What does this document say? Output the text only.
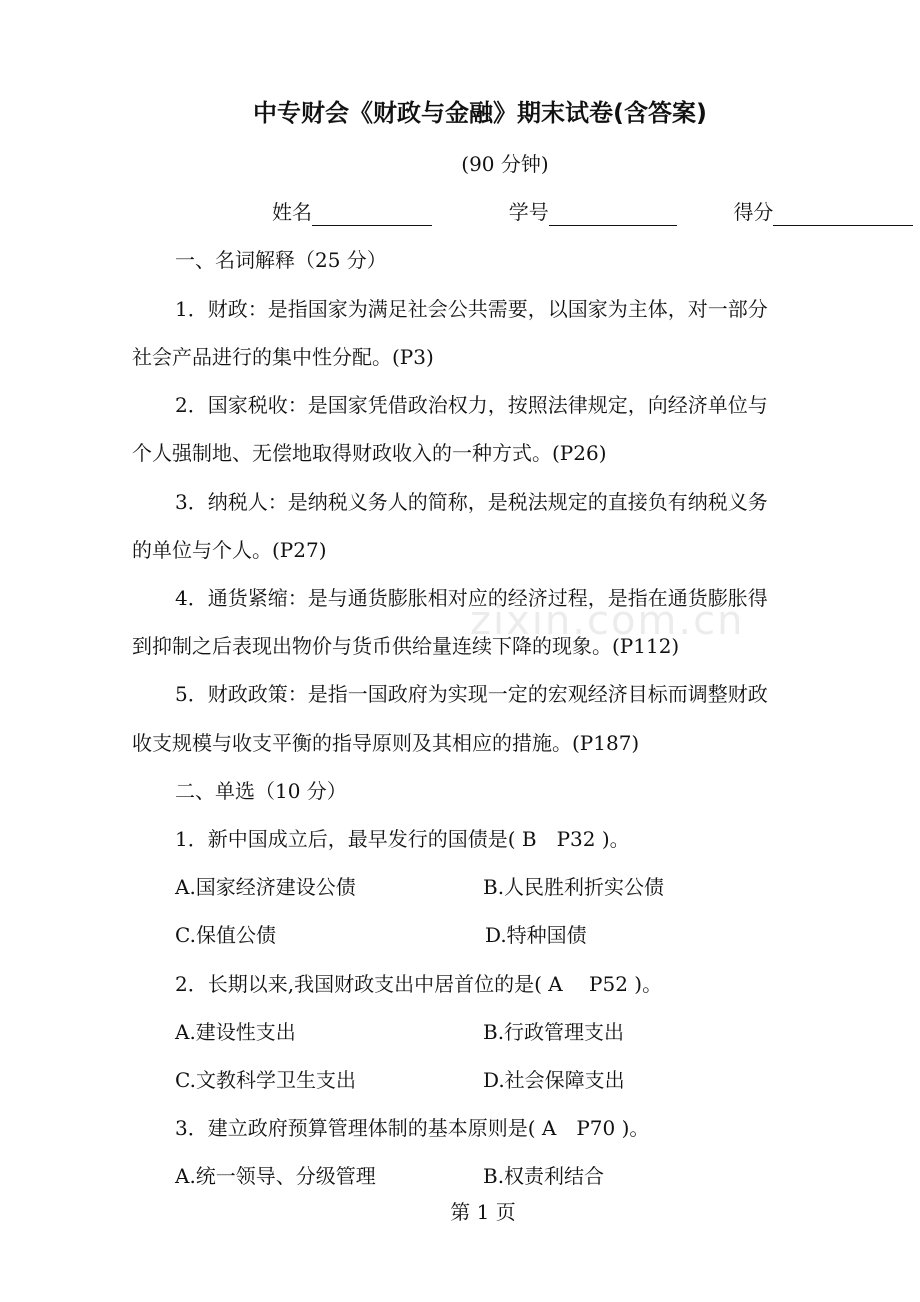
中专财会《财政与金融》期末试卷(含答案)
(90 分钟)
姓名	学号	得分
一、名词解释（25 分）
1．财政：是指国家为满足社会公共需要，以国家为主体，对一部分
社会产品进行的集中性分配。(P3)
2．国家税收：是国家凭借政治权力，按照法律规定，向经济单位与
个人强制地、无偿地取得财政收入的一种方式。(P26)
3．纳税人：是纳税义务人的简称，是税法规定的直接负有纳税义务
的单位与个人。(P27)
4．通货紧缩：是与通货膨胀相对应的经济过程，是指在通货膨胀得
到抑制之后表现出物价与货币供给量连续下降的现象。(P112)
5．财政政策：是指一国政府为实现一定的宏观经济目标而调整财政
收支规模与收支平衡的指导原则及其相应的措施。(P187)
二、单选（10 分）
1．新中国成立后，最早发行的国债是( B　P32 )。
A.国家经济建设公债	B.人民胜利折实公债
C.保值公债	D.特种国债
2．长期以来,我国财政支出中居首位的是( A　 P52 )。
A.建设性支出	B.行政管理支出
C.文教科学卫生支出	D.社会保障支出
3．建立政府预算管理体制的基本原则是( A　P70 )。
A.统一领导、分级管理	B.权责利结合
第 1 页
zixin.com.cn
